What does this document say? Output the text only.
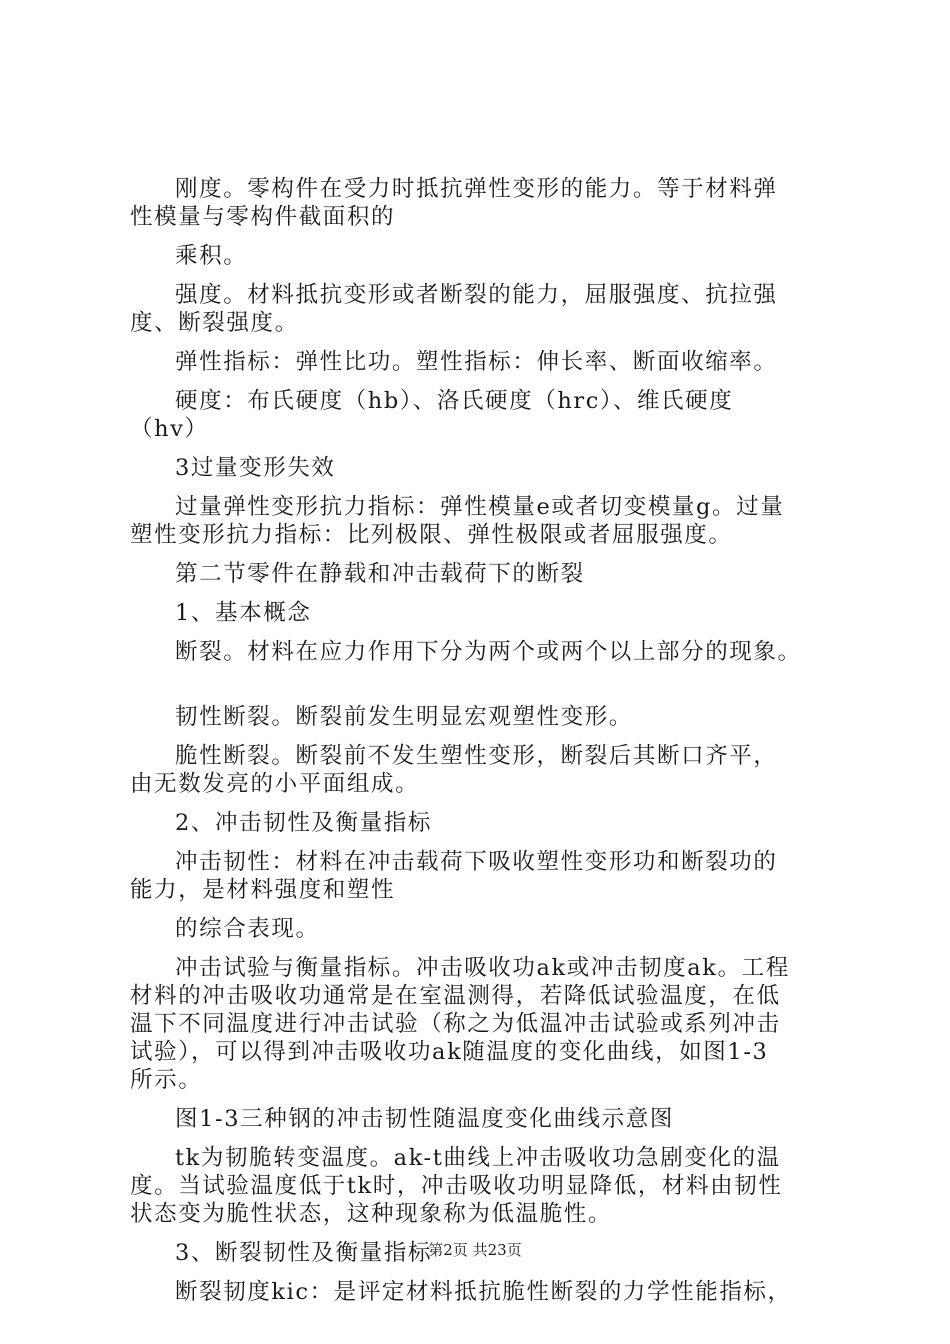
刚度。零构件在受力时抵抗弹性变形的能力。等于材料弹
性模量与零构件截面积的

乘积。

强度。材料抵抗变形或者断裂的能力，屈服强度、抗拉强
度、断裂强度。

弹性指标：弹性比功。塑性指标：伸长率、断面收缩率。

硬度：布氏硬度（hb）、洛氏硬度（hrc）、维氏硬度
（hv）

3过量变形失效

过量弹性变形抗力指标：弹性模量e或者切变模量g。过量
塑性变形抗力指标：比列极限、弹性极限或者屈服强度。

第二节零件在静载和冲击载荷下的断裂

1、基本概念

断裂。材料在应力作用下分为两个或两个以上部分的现象。

韧性断裂。断裂前发生明显宏观塑性变形。

脆性断裂。断裂前不发生塑性变形，断裂后其断口齐平，
由无数发亮的小平面组成。

2、冲击韧性及衡量指标

冲击韧性：材料在冲击载荷下吸收塑性变形功和断裂功的
能力，是材料强度和塑性

的综合表现。

冲击试验与衡量指标。冲击吸收功ak或冲击韧度ak。工程
材料的冲击吸收功通常是在室温测得，若降低试验温度，在低
温下不同温度进行冲击试验（称之为低温冲击试验或系列冲击
试验），可以得到冲击吸收功ak随温度的变化曲线，如图1-3
所示。

图1-3三种钢的冲击韧性随温度变化曲线示意图

tk为韧脆转变温度。ak-t曲线上冲击吸收功急剧变化的温
度。当试验温度低于tk时，冲击吸收功明显降低，材料由韧性
状态变为脆性状态，这种现象称为低温脆性。

3、断裂韧性及衡量指标

断裂韧度kic：是评定材料抵抗脆性断裂的力学性能指标，

第2页 共23页
